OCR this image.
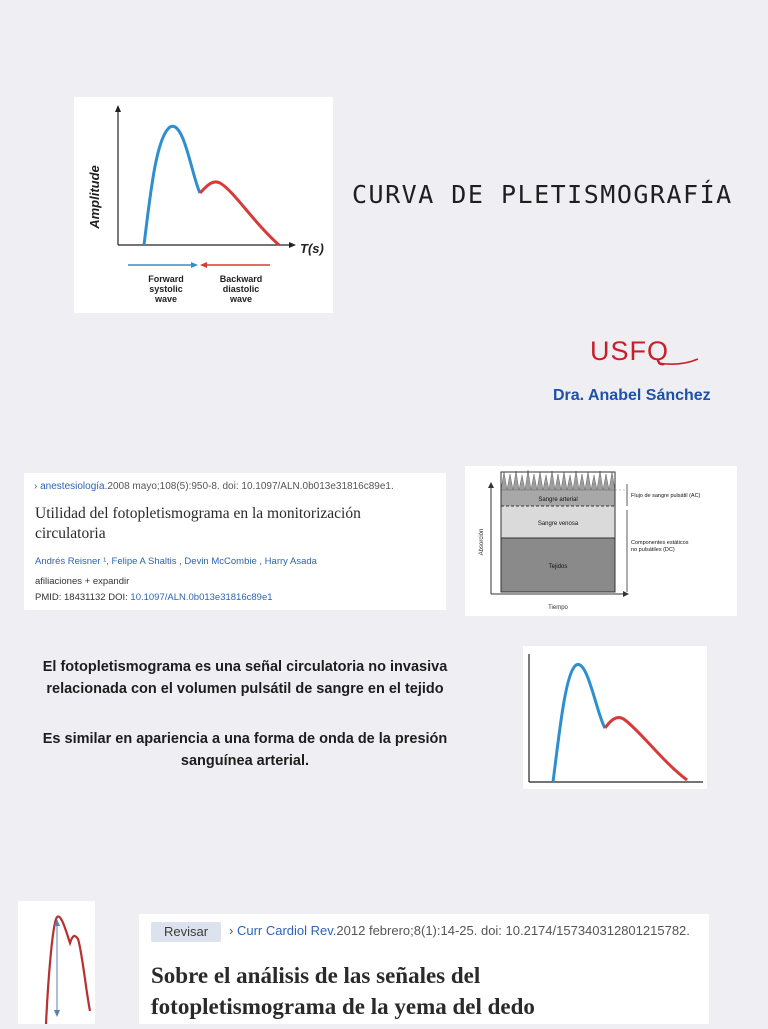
Amplitude
T(s)
Forward
systolic
wave
Backward
diastolic
wave
CURVA DE PLETISMOGRAFÍA
USFQ
Dra. Anabel Sánchez
› anestesiología.2008 mayo;108(5):950-8. doi: 10.1097/ALN.0b013e31816c89e1.
Utilidad del fotopletismograma en la monitorización
circulatoria
Andrés Reisner ¹, Felipe A Shaltis , Devin McCombie , Harry Asada
afiliaciones + expandir
PMID: 18431132 DOI: 10.1097/ALN.0b013e31816c89e1
Absorción
Tiempo
Sangre arterial
Sangre venosa
Tejidos
Flujo de sangre pulsátil (AC)
Componentes estáticos
no pulsátiles (DC)
El fotopletismograma es una señal circulatoria no invasiva
relacionada con el volumen pulsátil de sangre en el tejido
Es similar en apariencia a una forma de onda de la presión
sanguínea arterial.
Revisar	› Curr Cardiol Rev.2012 febrero;8(1):14-25. doi: 10.2174/157340312801215782.
Sobre el análisis de las señales del
fotopletismograma de la yema del dedo
